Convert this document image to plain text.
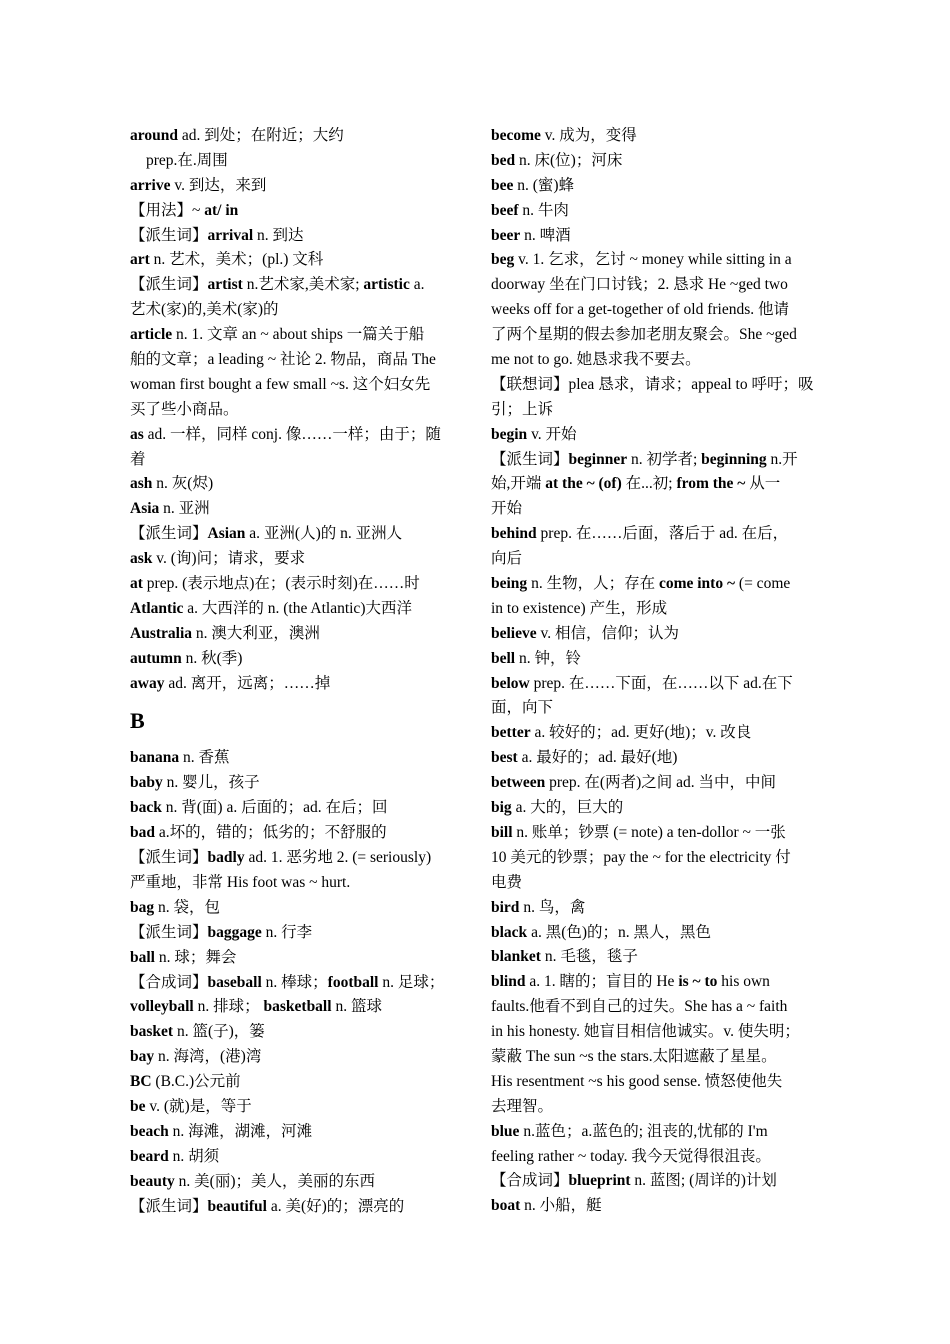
around ad. 到处；在附近；大约
prep.在.周围
arrive v. 到达，来到
【用法】~ at/ in
【派生词】arrival n. 到达
art n. 艺术，美术；(pl.) 文科
【派生词】artist n.艺术家,美术家; artistic a.
艺术(家)的,美术(家)的
article n. 1. 文章 an ~ about ships 一篇关于船
舶的文章；a leading ~ 社论 2. 物品，商品 The
woman first bought a few small ~s. 这个妇女先
买了些小商品。
as ad. 一样，同样 conj. 像……一样；由于；随
着
ash n. 灰(烬)
Asia n. 亚洲
【派生词】Asian a. 亚洲(人)的 n. 亚洲人
ask v. (询)问；请求，要求
at prep. (表示地点)在；(表示时刻)在……时
Atlantic a. 大西洋的 n. (the Atlantic)大西洋
Australia n. 澳大利亚，澳洲
autumn n. 秋(季)
away ad. 离开，远离；……掉
B
banana n. 香蕉
baby n. 婴儿，孩子
back n. 背(面) a. 后面的；ad. 在后；回
bad a.坏的，错的；低劣的；不舒服的
【派生词】badly ad. 1. 恶劣地 2. (= seriously)
严重地，非常 His foot was ~ hurt.
bag n. 袋，包
【派生词】baggage n. 行李
ball n. 球；舞会
【合成词】baseball n. 棒球；football n. 足球；
volleyball n. 排球； basketball n. 篮球
basket n. 篮(子)，篓
bay n. 海湾，(港)湾
BC (B.C.)公元前
be v. (就)是，等于
beach n. 海滩，湖滩，河滩
beard n. 胡须
beauty n. 美(丽)；美人，美丽的东西
【派生词】beautiful a. 美(好)的；漂亮的
become v. 成为，变得
bed n. 床(位)；河床
bee n. (蜜)蜂
beef n. 牛肉
beer n. 啤酒
beg v. 1. 乞求，乞讨 ~ money while sitting in a
doorway 坐在门口讨钱；2. 恳求 He ~ged two
weeks off for a get-together of old friends. 他请
了两个星期的假去参加老朋友聚会。She ~ged
me not to go. 她恳求我不要去。
【联想词】plea 恳求，请求；appeal to 呼吁；吸
引；上诉
begin v. 开始
【派生词】beginner n. 初学者; beginning n.开
始,开端 at the ~ (of) 在...初; from the ~ 从一
开始
behind prep. 在……后面，落后于 ad. 在后，
向后
being n. 生物，人；存在 come into ~ (= come
in to existence) 产生，形成
believe v. 相信，信仰；认为
bell n. 钟，铃
below prep. 在……下面，在……以下 ad.在下
面，向下
better a. 较好的；ad. 更好(地)；v. 改良
best a. 最好的；ad. 最好(地)
between prep. 在(两者)之间 ad. 当中，中间
big a. 大的，巨大的
bill n. 账单；钞票 (= note) a ten-dollor ~ 一张
10 美元的钞票；pay the ~ for the electricity 付
电费
bird n. 鸟，禽
black a. 黑(色)的；n. 黑人，黑色
blanket n. 毛毯，毯子
blind a. 1. 瞎的；盲目的 He is ~ to his own
faults.他看不到自己的过失。She has a ~ faith
in his honesty. 她盲目相信他诚实。v. 使失明；
蒙蔽 The sun ~s the stars.太阳遮蔽了星星。
His resentment ~s his good sense. 愤怒使他失
去理智。
blue n.蓝色；a.蓝色的; 沮丧的,忧郁的 I'm
feeling rather ~ today. 我今天觉得很沮丧。
【合成词】blueprint n. 蓝图; (周详的)计划
boat n. 小船，艇
